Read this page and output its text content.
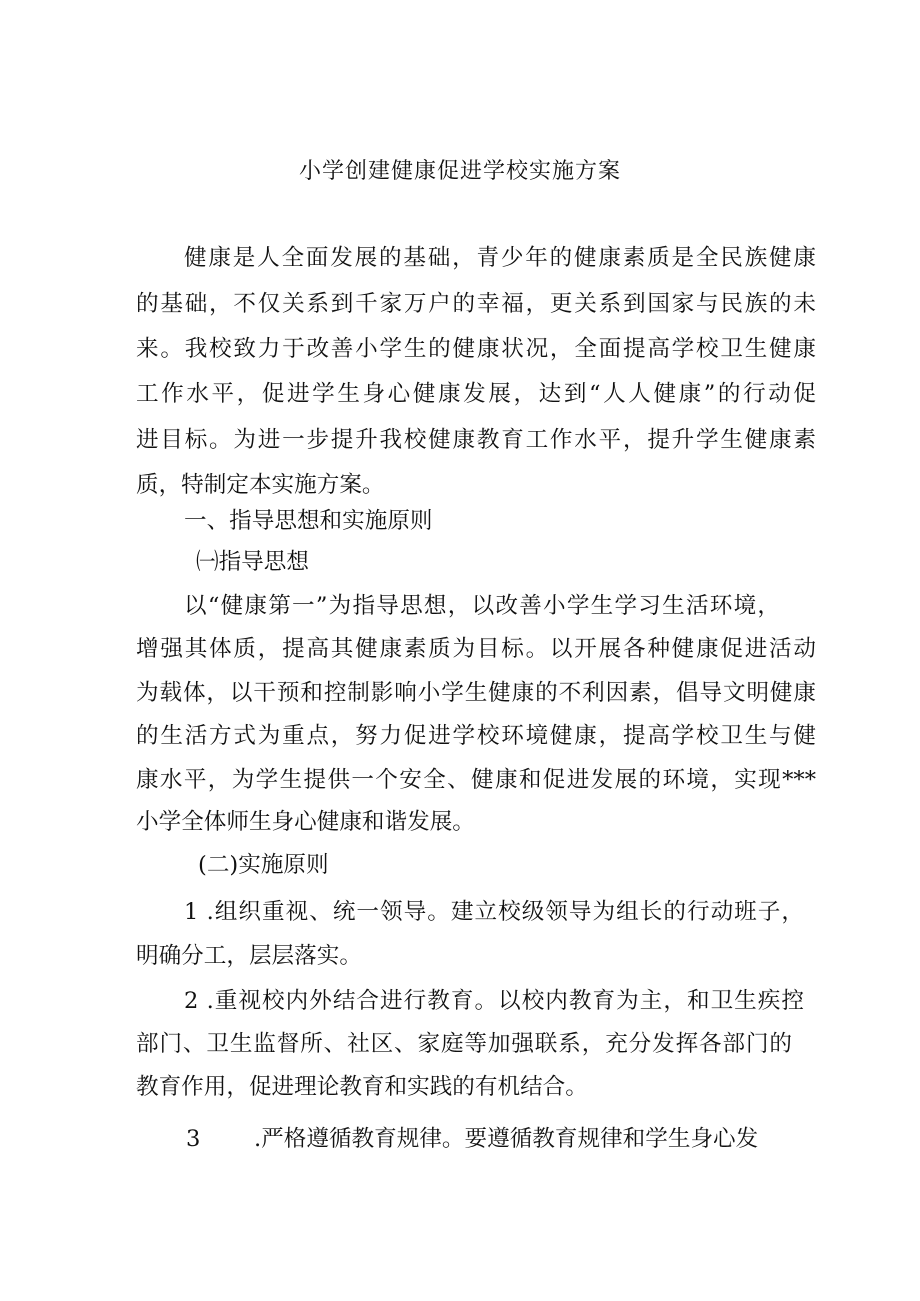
小学创建健康促进学校实施方案
健康是人全面发展的基础，青少年的健康素质是全民族健康
的基础，不仅关系到千家万户的幸福，更关系到国家与民族的未
来。我校致力于改善小学生的健康状况，全面提高学校卫生健康
工作水平，促进学生身心健康发展，达到“人人健康”的行动促
进目标。为进一步提升我校健康教育工作水平，提升学生健康素
质，特制定本实施方案。
一、指导思想和实施原则
㈠指导思想
以“健康第一”为指导思想，以改善小学生学习生活环境，
增强其体质，提高其健康素质为目标。以开展各种健康促进活动
为载体，以干预和控制影响小学生健康的不利因素，倡导文明健康
的生活方式为重点，努力促进学校环境健康，提高学校卫生与健
康水平，为学生提供一个安全、健康和促进发展的环境，实现***
小学全体师生身心健康和谐发展。
(二)实施原则
1 .组织重视、统一领导。建立校级领导为组长的行动班子，
明确分工，层层落实。
2 .重视校内外结合进行教育。以校内教育为主，和卫生疾控
部门、卫生监督所、社区、家庭等加强联系，充分发挥各部门的
教育作用，促进理论教育和实践的有机结合。
3 .严格遵循教育规律。要遵循教育规律和学生身心发
